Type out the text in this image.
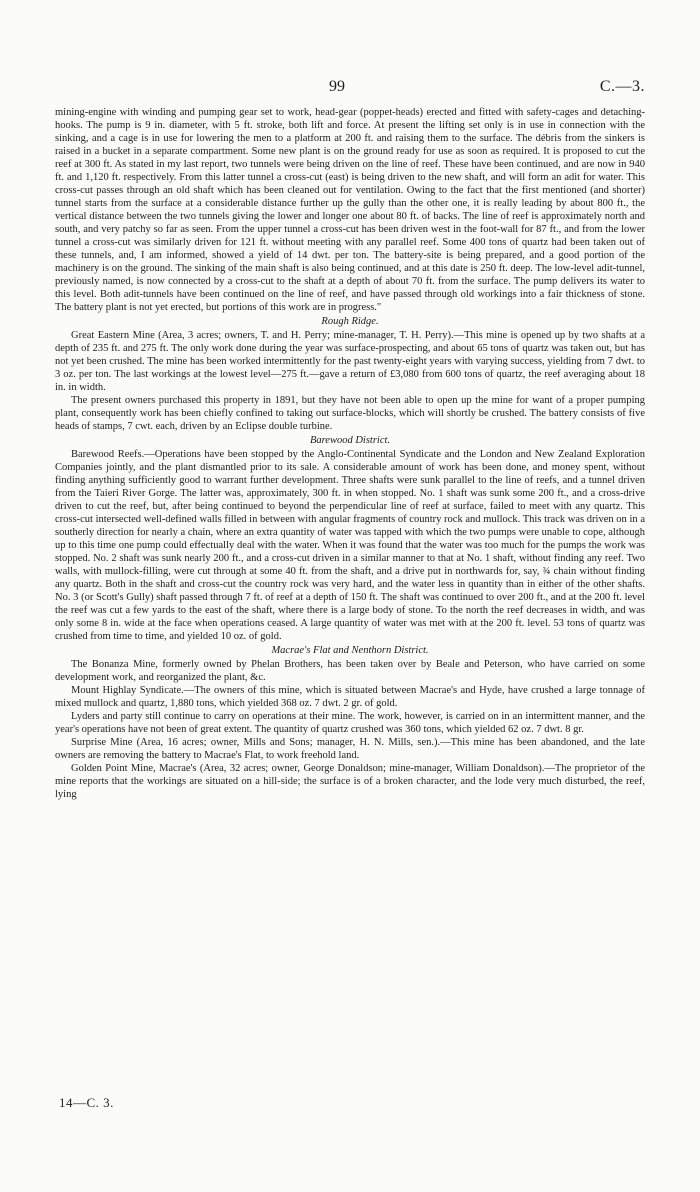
99	C.—3.

mining-engine with winding and pumping gear set to work, head-gear (poppet-heads) erected and fitted with safety-cages and detaching-hooks. The pump is 9 in. diameter, with 5 ft. stroke, both lift and force. At present the lifting set only is in use in connection with the sinking, and a cage is in use for lowering the men to a platform at 200 ft. and raising them to the surface. The débris from the sinkers is raised in a bucket in a separate compartment. Some new plant is on the ground ready for use as soon as required. It is proposed to cut the reef at 300 ft. As stated in my last report, two tunnels were being driven on the line of reef. These have been continued, and are now in 940 ft. and 1,120 ft. respectively. From this latter tunnel a cross-cut (east) is being driven to the new shaft, and will form an adit for water. This cross-cut passes through an old shaft which has been cleaned out for ventilation. Owing to the fact that the first mentioned (and shorter) tunnel starts from the surface at a considerable distance further up the gully than the other one, it is really leading by about 800 ft., the vertical distance between the two tunnels giving the lower and longer one about 80 ft. of backs. The line of reef is approximately north and south, and very patchy so far as seen. From the upper tunnel a cross-cut has been driven west in the foot-wall for 87 ft., and from the lower tunnel a cross-cut was similarly driven for 121 ft. without meeting with any parallel reef. Some 400 tons of quartz had been taken out of these tunnels, and, I am informed, showed a yield of 14 dwt. per ton. The battery-site is being prepared, and a good portion of the machinery is on the ground. The sinking of the main shaft is also being continued, and at this date is 250 ft. deep. The low-level adit-tunnel, previously named, is now connected by a cross-cut to the shaft at a depth of about 70 ft. from the surface. The pump delivers its water to this level. Both adit-tunnels have been continued on the line of reef, and have passed through old workings into a fair thickness of stone. The battery plant is not yet erected, but portions of this work are in progress."

Rough Ridge.

Great Eastern Mine (Area, 3 acres; owners, T. and H. Perry; mine-manager, T. H. Perry).—This mine is opened up by two shafts at a depth of 235 ft. and 275 ft. The only work done during the year was surface-prospecting, and about 65 tons of quartz was taken out, but has not yet been crushed. The mine has been worked intermittently for the past twenty-eight years with varying success, yielding from 7 dwt. to 3 oz. per ton. The last workings at the lowest level—275 ft.—gave a return of £3,080 from 600 tons of quartz, the reef averaging about 18 in. in width.

The present owners purchased this property in 1891, but they have not been able to open up the mine for want of a proper pumping plant, consequently work has been chiefly confined to taking out surface-blocks, which will shortly be crushed. The battery consists of five heads of stamps, 7 cwt. each, driven by an Eclipse double turbine.

Barewood District.

Barewood Reefs.—Operations have been stopped by the Anglo-Continental Syndicate and the London and New Zealand Exploration Companies jointly, and the plant dismantled prior to its sale. A considerable amount of work has been done, and money spent, without finding anything sufficiently good to warrant further development. Three shafts were sunk parallel to the line of reefs, and a tunnel driven from the Taieri River Gorge. The latter was, approximately, 300 ft. in when stopped. No. 1 shaft was sunk some 200 ft., and a cross-drive driven to cut the reef, but, after being continued to beyond the perpendicular line of reef at surface, failed to meet with any quartz. This cross-cut intersected well-defined walls filled in between with angular fragments of country rock and mullock. This track was driven on in a southerly direction for nearly a chain, where an extra quantity of water was tapped with which the two pumps were unable to cope, although up to this time one pump could effectually deal with the water. When it was found that the water was too much for the pumps the work was stopped. No. 2 shaft was sunk nearly 200 ft., and a cross-cut driven in a similar manner to that at No. 1 shaft, without finding any reef. Two walls, with mullock-filling, were cut through at some 40 ft. from the shaft, and a drive put in northwards for, say, ¾ chain without finding any quartz. Both in the shaft and cross-cut the country rock was very hard, and the water less in quantity than in either of the other shafts. No. 3 (or Scott's Gully) shaft passed through 7 ft. of reef at a depth of 150 ft. The shaft was continued to over 200 ft., and at the 200 ft. level the reef was cut a few yards to the east of the shaft, where there is a large body of stone. To the north the reef decreases in width, and was only some 8 in. wide at the face when operations ceased. A large quantity of water was met with at the 200 ft. level. 53 tons of quartz was crushed from time to time, and yielded 10 oz. of gold.

Macrae's Flat and Nenthorn District.

The Bonanza Mine, formerly owned by Phelan Brothers, has been taken over by Beale and Peterson, who have carried on some development work, and reorganized the plant, &c.

Mount Highlay Syndicate.—The owners of this mine, which is situated between Macrae's and Hyde, have crushed a large tonnage of mixed mullock and quartz, 1,880 tons, which yielded 368 oz. 7 dwt. 2 gr. of gold.

Lyders and party still continue to carry on operations at their mine. The work, however, is carried on in an intermittent manner, and the year's operations have not been of great extent. The quantity of quartz crushed was 360 tons, which yielded 62 oz. 7 dwt. 8 gr.

Surprise Mine (Area, 16 acres; owner, Mills and Sons; manager, H. N. Mills, sen.).—This mine has been abandoned, and the late owners are removing the battery to Macrae's Flat, to work freehold land.

Golden Point Mine, Macrae's (Area, 32 acres; owner, George Donaldson; mine-manager, William Donaldson).—The proprietor of the mine reports that the workings are situated on a hill-side; the surface is of a broken character, and the lode very much disturbed, the reef, lying

14—C. 3.
